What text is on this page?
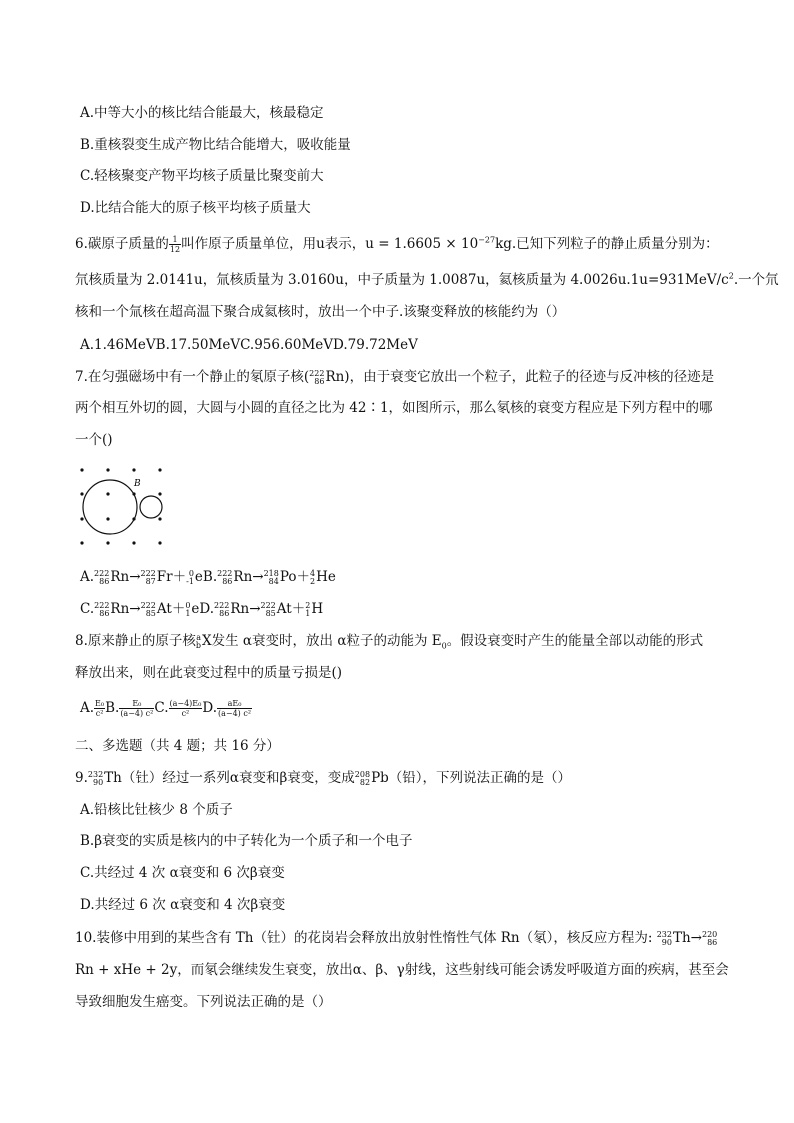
A.中等大小的核比结合能最大，核最稳定
B.重核裂变生成产物比结合能增大，吸收能量
C.轻核聚变产物平均核子质量比聚变前大
D.比结合能大的原子核平均核子质量大
6.碳原子质量的 $\frac{1}{12}$ 叫作原子质量单位，用u表示，$u = 1.6605 \times 10^{-27}kg$.已知下列粒子的静止质量分别为：
氘核质量为 2.0141u，氚核质量为 3.0160u，中子质量为 1.0087u，氦核质量为 $4.0026u.1u=931MeV/c^2$.一个氘
核和一个氚核在超高温下聚合成氦核时，放出一个中子.该聚变释放的核能约为（）
A.1.46MeVB.17.50MeVC.956.60MeVD.79.72MeV
7.在匀强磁场中有一个静止的氡原子核( 222
86 Rn)，由于衰变它放出一个粒子，此粒子的径迹与反冲核的径迹是
两个相互外切的圆，大圆与小圆的直径之比为 42∶1，如图所示，那么氡核的衰变方程应是下列方程中的哪
一个()
B
A. 222
86 Rn→ 222
87 Fr＋ 0
-1 eB. 222
86 Rn→ 218
84 Po＋ 4
2 He
C. 222
86 Rn→ 222
85 At＋ 0
1 eD. 222
86 Rn→ 222
85 At＋ 2
1 H
8.原来静止的原子核 a
b X发生 α衰变时，放出 α粒子的动能为 $E_0$。假设衰变时产生的能量全部以动能的形式
释放出来，则在此衰变过程中的质量亏损是()
A. $\frac{\text{E₀}}{\text{c²}} B$. $\frac{\text{E₀}}{\text{(a−4) c²}} C$. $\frac{\text{(a−4)E₀}}{\text{c²}} D$. $\frac{\text{aE₀}}{\text{(a−4) c²}}$
二、多选题（共 4 题；共 16 分）
9. 232
90 Th（钍）经过一系列α衰变和β衰变，变成 208
82 Pb（铅），下列说法正确的是（）
A.铅核比钍核少 8 个质子
B.β衰变的实质是核内的中子转化为一个质子和一个电子
C.共经过 4 次 α衰变和 6 次β衰变
D.共经过 6 次 α衰变和 4 次β衰变
10.装修中用到的某些含有 Th（钍）的花岗岩会释放出放射性惰性气体 Rn（氡），核反应方程为: 232
90 Th→ 220
86
Rn + xHe + 2y，而氡会继续发生衰变，放出α、β、γ射线，这些射线可能会诱发呼吸道方面的疾病，甚至会
导致细胞发生癌变。下列说法正确的是（）
